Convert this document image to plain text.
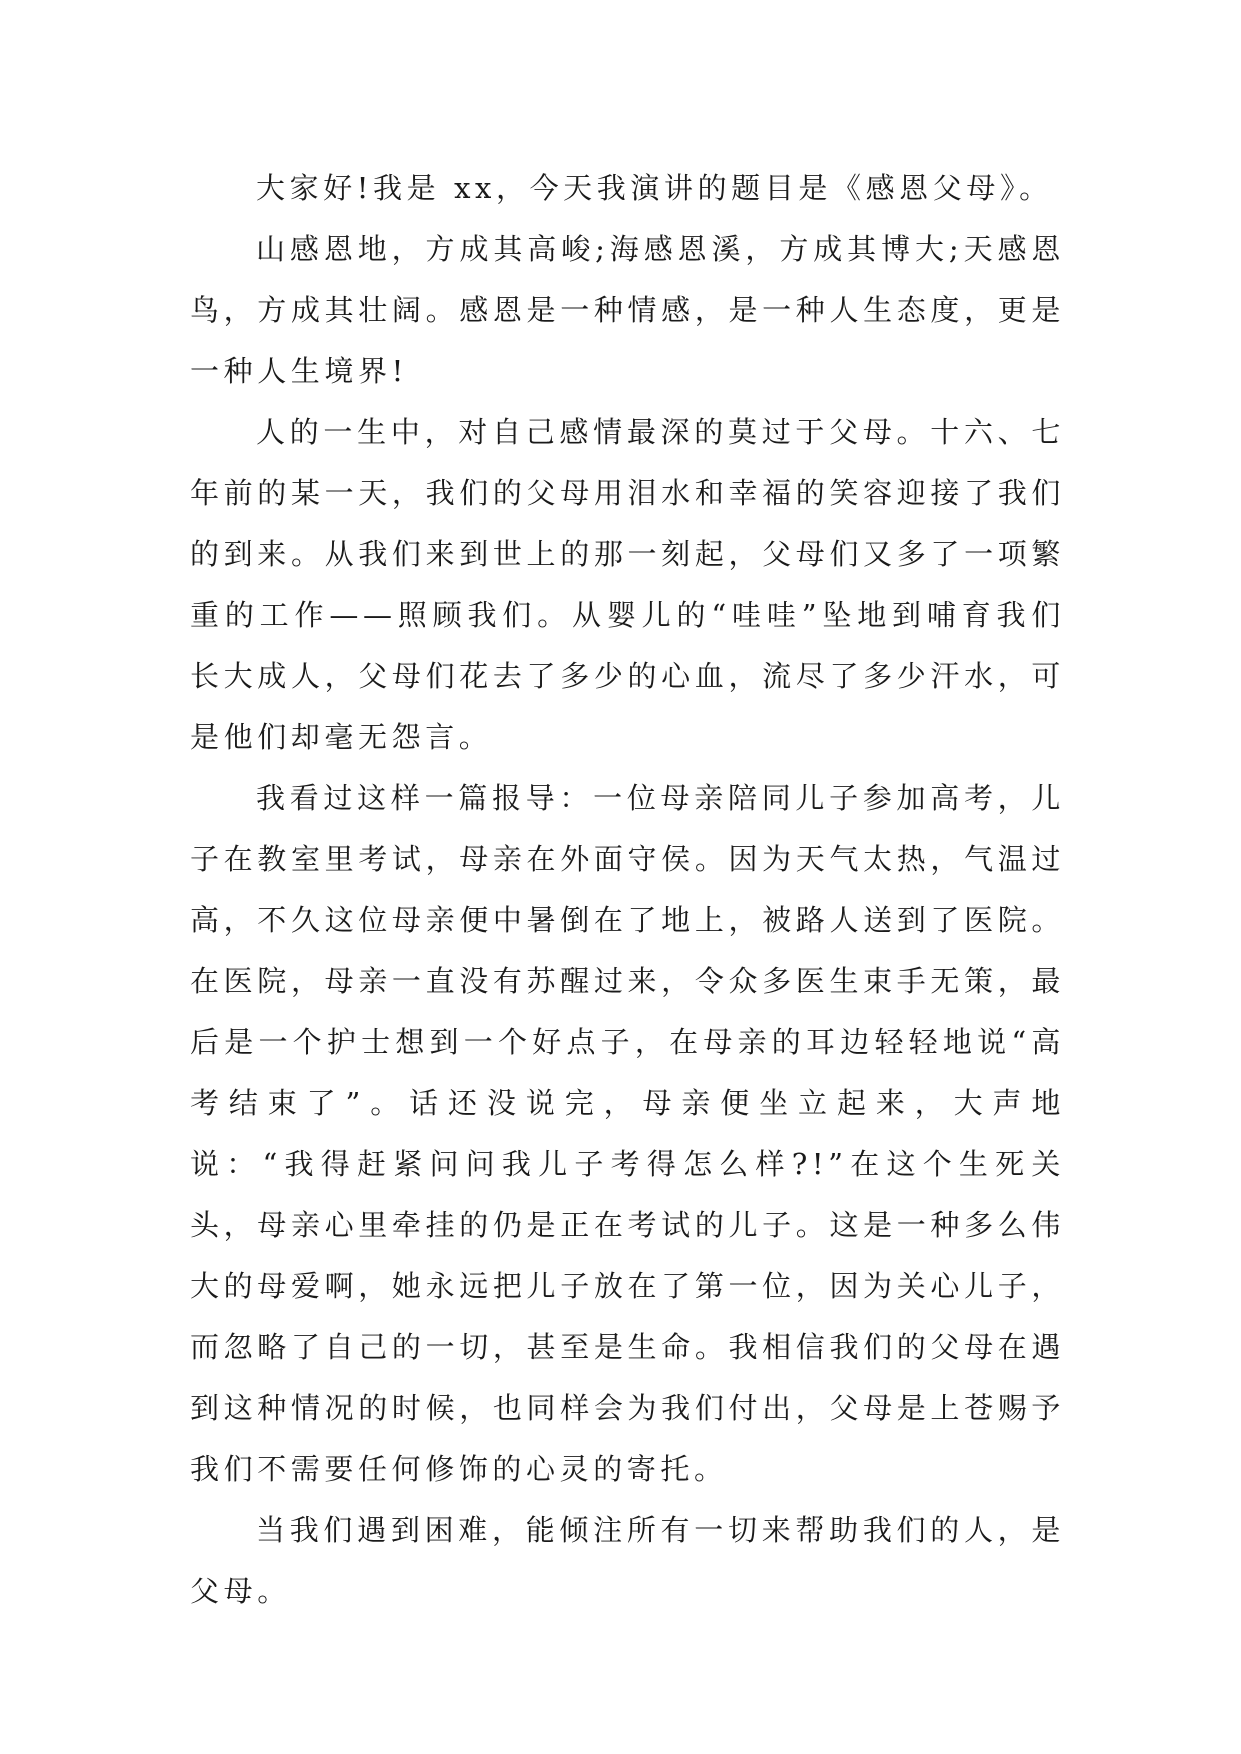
大家好!我是 xx，今天我演讲的题目是《感恩父母》。

山感恩地，方成其高峻;海感恩溪，方成其博大;天感恩鸟，方成其壮阔。感恩是一种情感，是一种人生态度，更是一种人生境界!

人的一生中，对自己感情最深的莫过于父母。十六、七年前的某一天，我们的父母用泪水和幸福的笑容迎接了我们的到来。从我们来到世上的那一刻起，父母们又多了一项繁重的工作——照顾我们。从婴儿的“哇哇”坠地到哺育我们长大成人，父母们花去了多少的心血，流尽了多少汗水，可是他们却毫无怨言。

我看过这样一篇报导：一位母亲陪同儿子参加高考，儿子在教室里考试，母亲在外面守侯。因为天气太热，气温过高，不久这位母亲便中暑倒在了地上，被路人送到了医院。在医院，母亲一直没有苏醒过来，令众多医生束手无策，最后是一个护士想到一个好点子，在母亲的耳边轻轻地说“高考结束了”。话还没说完，母亲便坐立起来，大声地说：“我得赶紧问问我儿子考得怎么样?!”在这个生死关头，母亲心里牵挂的仍是正在考试的儿子。这是一种多么伟大的母爱啊，她永远把儿子放在了第一位，因为关心儿子，而忽略了自己的一切，甚至是生命。我相信我们的父母在遇到这种情况的时候，也同样会为我们付出，父母是上苍赐予我们不需要任何修饰的心灵的寄托。

当我们遇到困难，能倾注所有一切来帮助我们的人，是父母。
